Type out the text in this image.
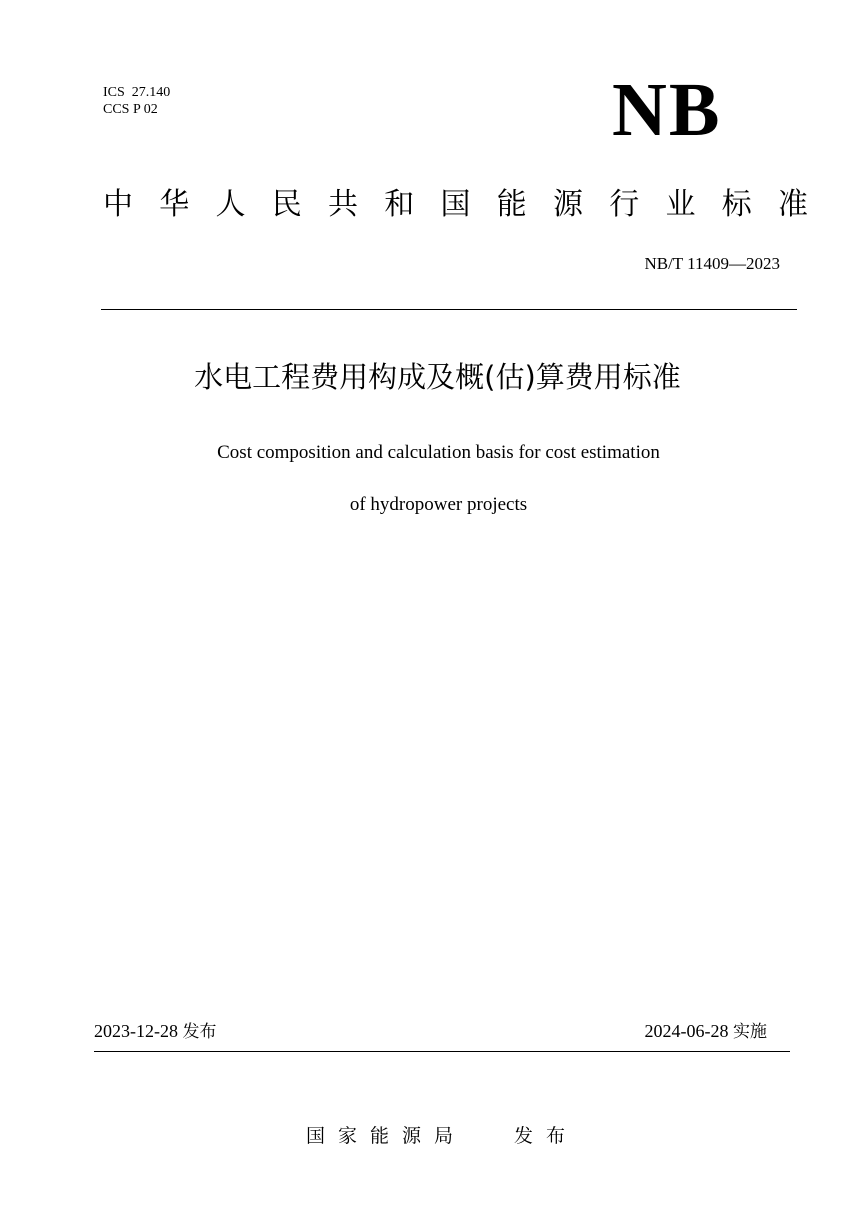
ICS  27.140
CCS P 02	NB
中 华 人 民 共 和 国 能 源 行 业 标 准
NB/T 11409—2023
水电工程费用构成及概(估)算费用标准
Cost composition and calculation basis for cost estimation
of hydropower projects
2023-12-28 发布	2024-06-28 实施
国家能源局	发布
